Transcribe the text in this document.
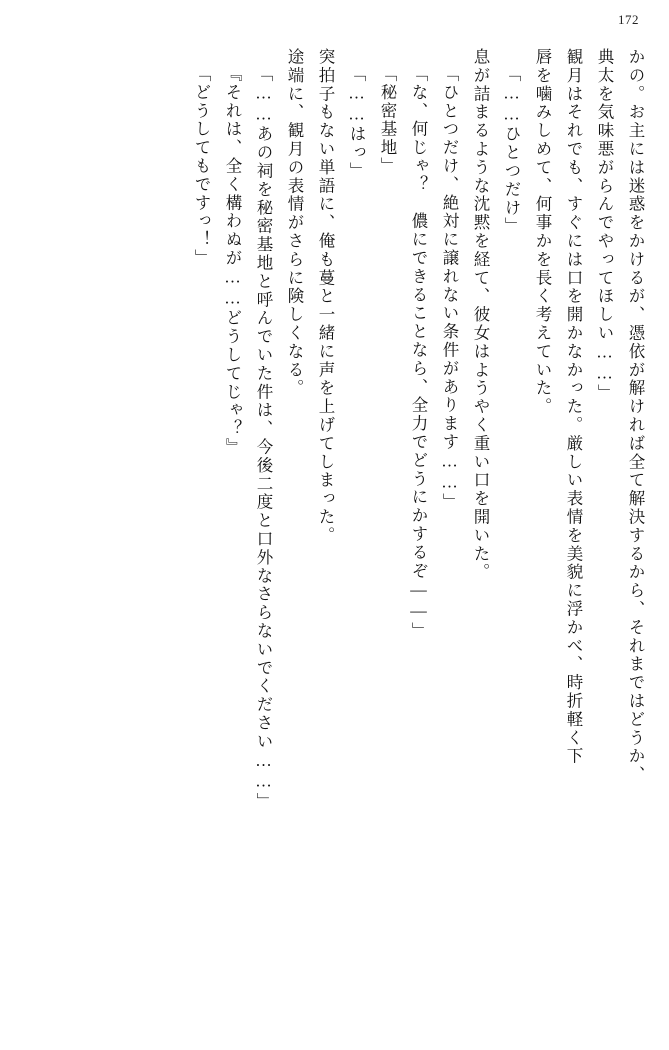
172
かの。お主には迷惑をかけるが、憑依が解ければ全て解決するから、それまではどうか、
典太を気味悪がらんでやってほしい……」
観月はそれでも、すぐには口を開かなかった。厳しい表情を美貌に浮かべ、時折軽く下
唇を噛みしめて、何事かを長く考えていた。
「……ひとつだけ」
息が詰まるような沈黙を経て、彼女はようやく重い口を開いた。
「ひとつだけ、絶対に譲れない条件があります……」
「な、何じゃ？　儂にできることなら、全力でどうにかするぞ――」
「秘密基地」
「……はっ」
突拍子もない単語に、俺も蔓と一緒に声を上げてしまった。
途端に、観月の表情がさらに険しくなる。
「……あの祠を秘密基地と呼んでいた件は、今後二度と口外なさらないでください……」
『それは、全く構わぬが……どうしてじゃ？』
「どうしてもですっ！」
